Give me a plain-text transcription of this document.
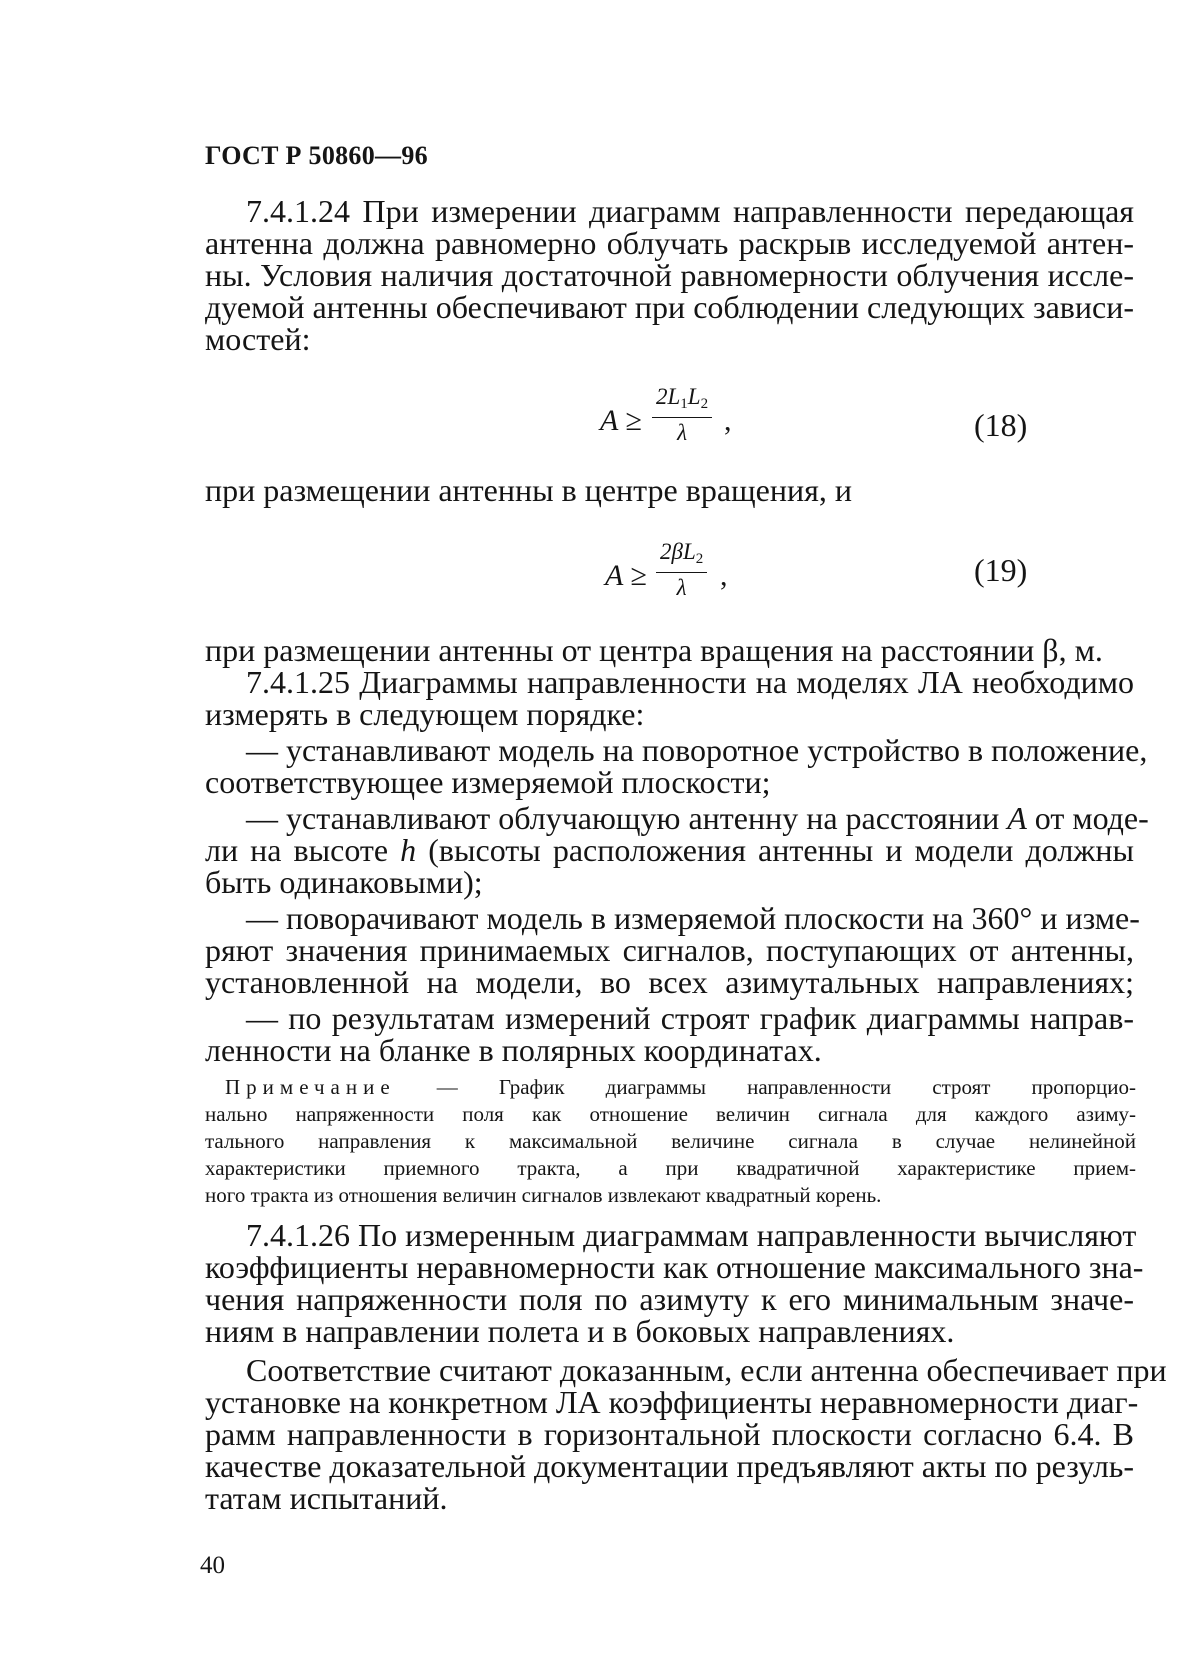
ГОСТ Р 50860—96
7.4.1.24 При измерении диаграмм направленности передающая
антенна должна равномерно облучать раскрыв исследуемой антен-
ны. Условия наличия достаточной равномерности облучения иссле-
дуемой антенны обеспечивают при соблюдении следующих зависи-
мостей:
$A \ge \frac{2L_1L_2}{\lambda}$ ,	(18)
при размещении антенны в центре вращения, и
$A \ge \frac{2\beta L_2}{\lambda}$ ,	(19)
при размещении антенны от центра вращения на расстоянии β, м.
7.4.1.25 Диаграммы направленности на моделях ЛА необходимо
измерять в следующем порядке:
— устанавливают модель на поворотное устройство в положение,
соответствующее измеряемой плоскости;
— устанавливают облучающую антенну на расстоянии A от моде-
ли на высоте h (высоты расположения антенны и модели должны
быть одинаковыми);
— поворачивают модель в измеряемой плоскости на 360° и изме-
ряют значения принимаемых сигналов, поступающих от антенны,
установленной на модели, во всех азимутальных направлениях;
— по результатам измерений строят график диаграммы направ-
ленности на бланке в полярных координатах.
Примечание — График диаграммы направленности строят пропорцио-
нально напряженности поля как отношение величин сигнала для каждого азиму-
тального направления к максимальной величине сигнала в случае нелинейной
характеристики приемного тракта, а при квадратичной характеристике прием-
ного тракта из отношения величин сигналов извлекают квадратный корень.
7.4.1.26 По измеренным диаграммам направленности вычисляют
коэффициенты неравномерности как отношение максимального зна-
чения напряженности поля по азимуту к его минимальным значе-
ниям в направлении полета и в боковых направлениях.
Соответствие считают доказанным, если антенна обеспечивает при
установке на конкретном ЛА коэффициенты неравномерности диаг-
рамм направленности в горизонтальной плоскости согласно 6.4. В
качестве доказательной документации предъявляют акты по резуль-
татам испытаний.
40
